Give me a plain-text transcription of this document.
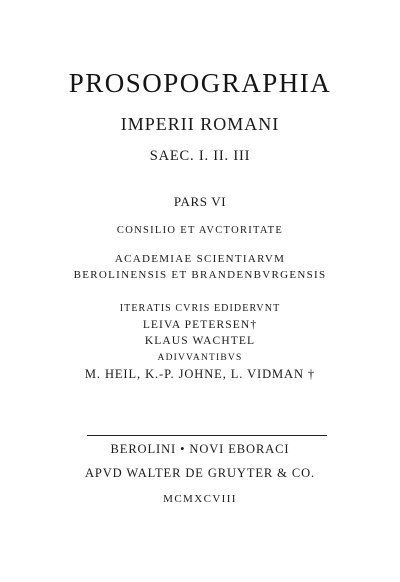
PROSOPOGRAPHIA
IMPERII ROMANI
SAEC. I. II. III
PARS VI
CONSILIO ET AVCTORITATE
ACADEMIAE SCIENTIARVM
BEROLINENSIS ET BRANDENBVRGENSIS
ITERATIS CVRIS EDIDERVNT
LEIVA PETERSEN†
KLAUS WACHTEL
ADIVVANTIBVS
M. HEIL, K.-P. JOHNE, L. VIDMAN †
BEROLINI • NOVI EBORACI
APVD WALTER DE GRUYTER & CO.
MCMXCVIII
